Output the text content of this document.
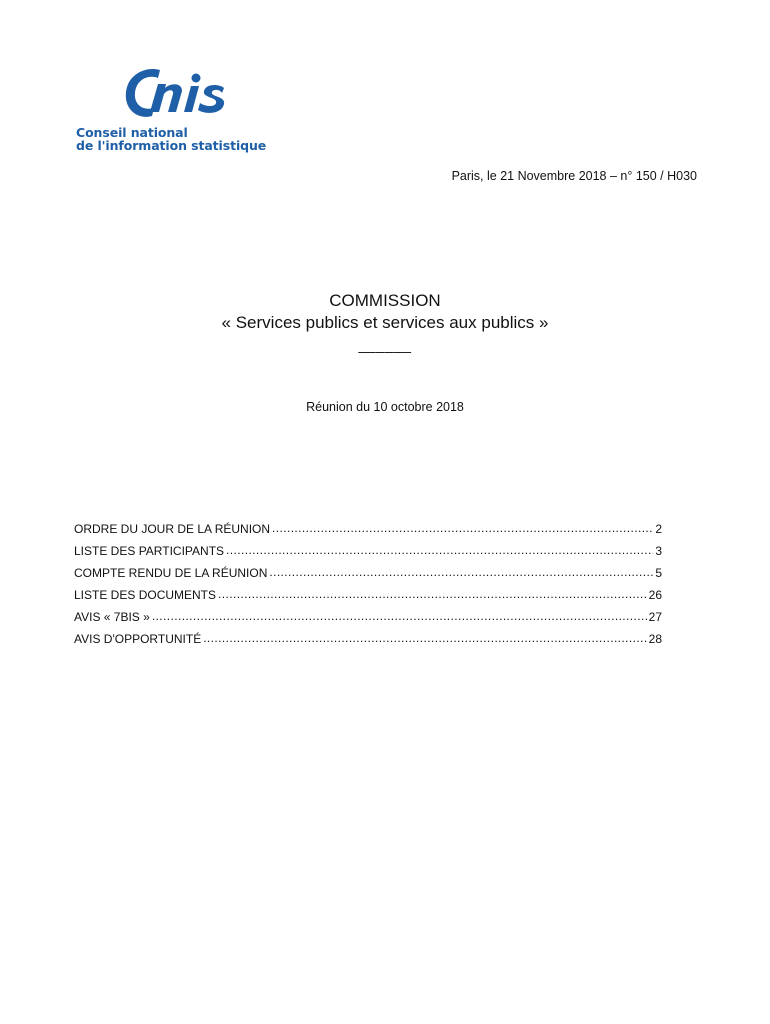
Conseil national
de l'information statistique
Paris, le 21 Novembre 2018 – n° 150 / H030
COMMISSION
« Services publics et services aux publics »
______
Réunion du 10 octobre 2018
ORDRE DU JOUR DE LA RÉUNION .....	2
LISTE DES PARTICIPANTS .....	3
COMPTE RENDU DE LA RÉUNION .....	5
LISTE DES DOCUMENTS .....	26
AVIS « 7BIS » .....	27
AVIS D'OPPORTUNITÉ .....	28
